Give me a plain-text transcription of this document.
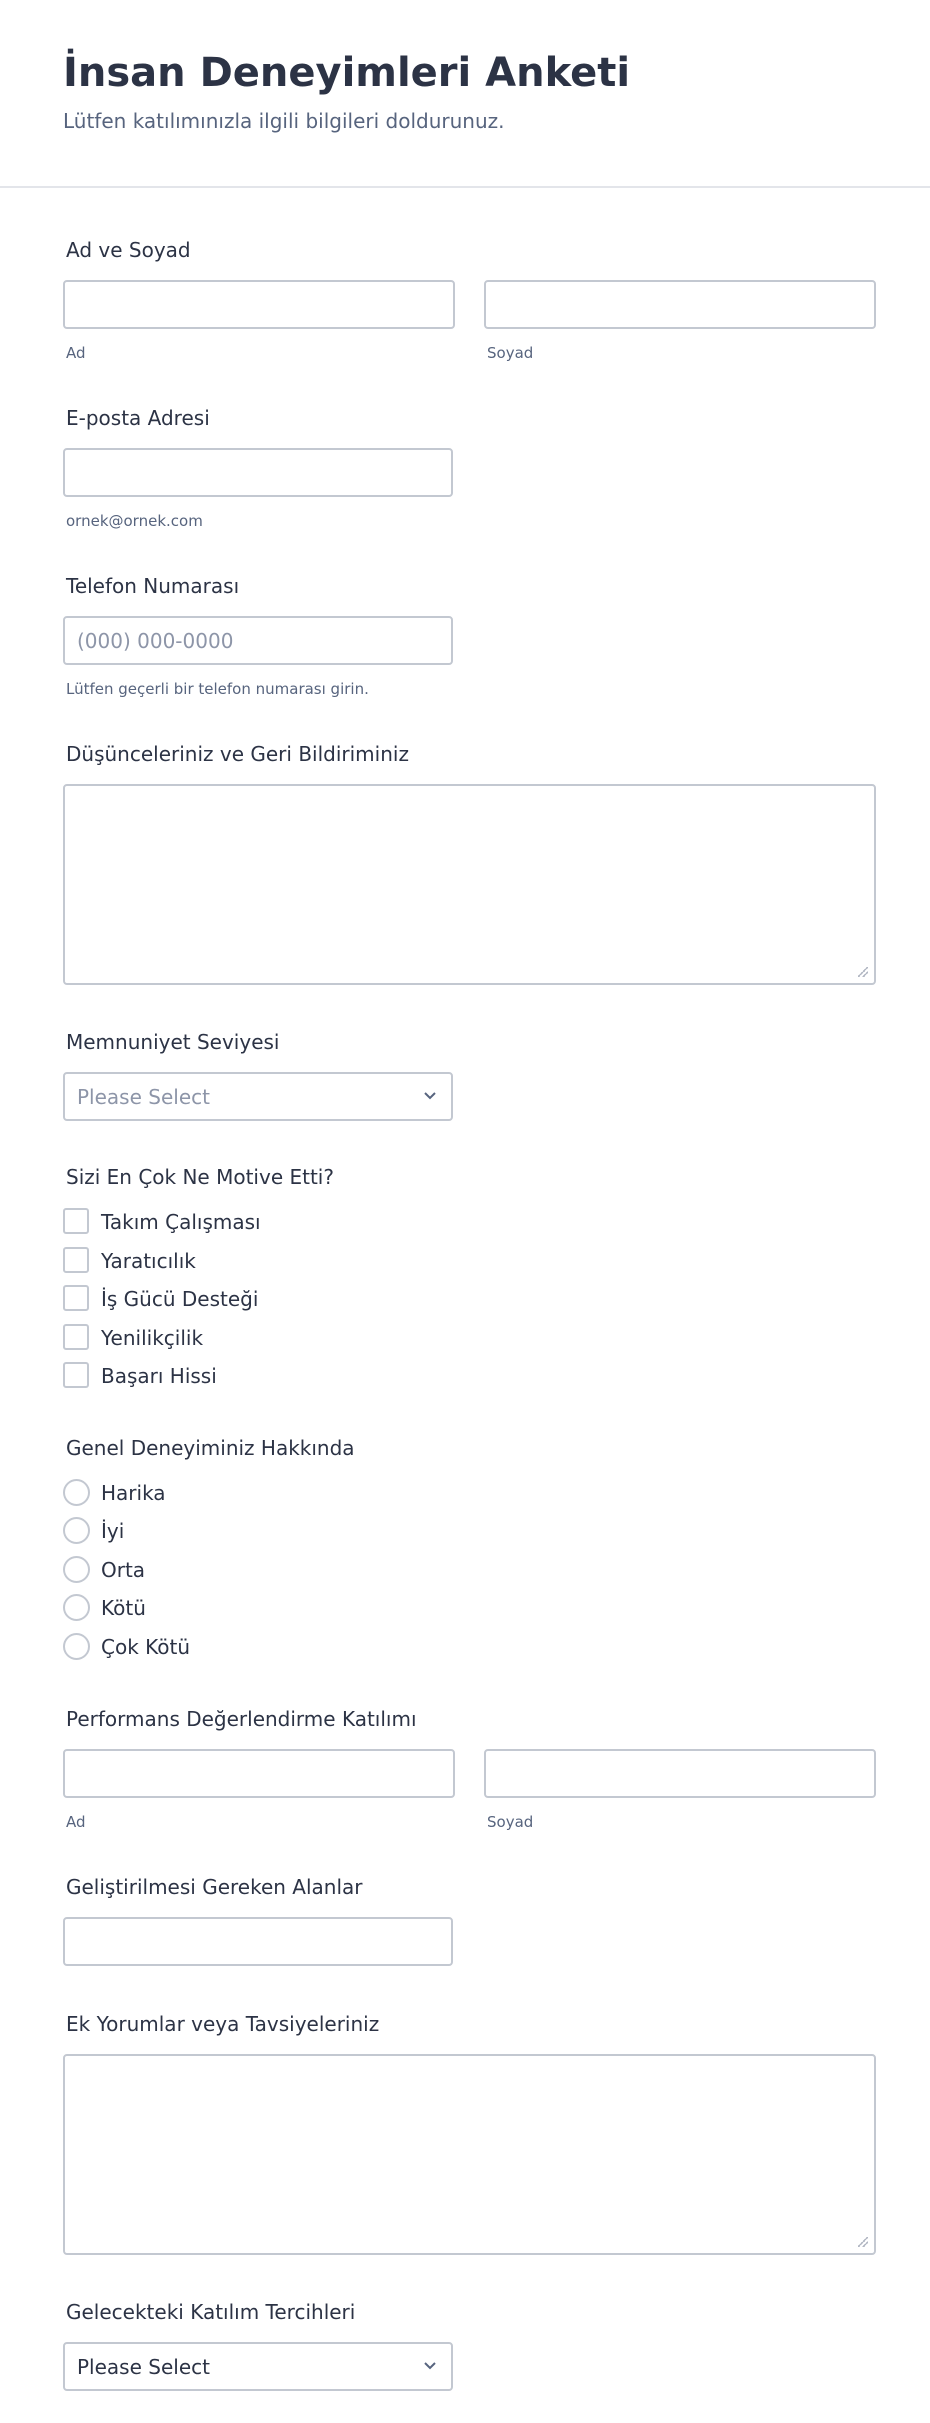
İnsan Deneyimleri Anketi
Lütfen katılımınızla ilgili bilgileri doldurunuz.
Ad ve Soyad
Ad	Soyad
E-posta Adresi
ornek@ornek.com
Telefon Numarası
(000) 000-0000
Lütfen geçerli bir telefon numarası girin.
Düşünceleriniz ve Geri Bildiriminiz
Memnuniyet Seviyesi
Please Select
Sizi En Çok Ne Motive Etti?
Takım Çalışması
Yaratıcılık
İş Gücü Desteği
Yenilikçilik
Başarı Hissi
Genel Deneyiminiz Hakkında
Harika
İyi
Orta
Kötü
Çok Kötü
Performans Değerlendirme Katılımı
Ad	Soyad
Geliştirilmesi Gereken Alanlar
Ek Yorumlar veya Tavsiyeleriniz
Gelecekteki Katılım Tercihleri
Please Select
